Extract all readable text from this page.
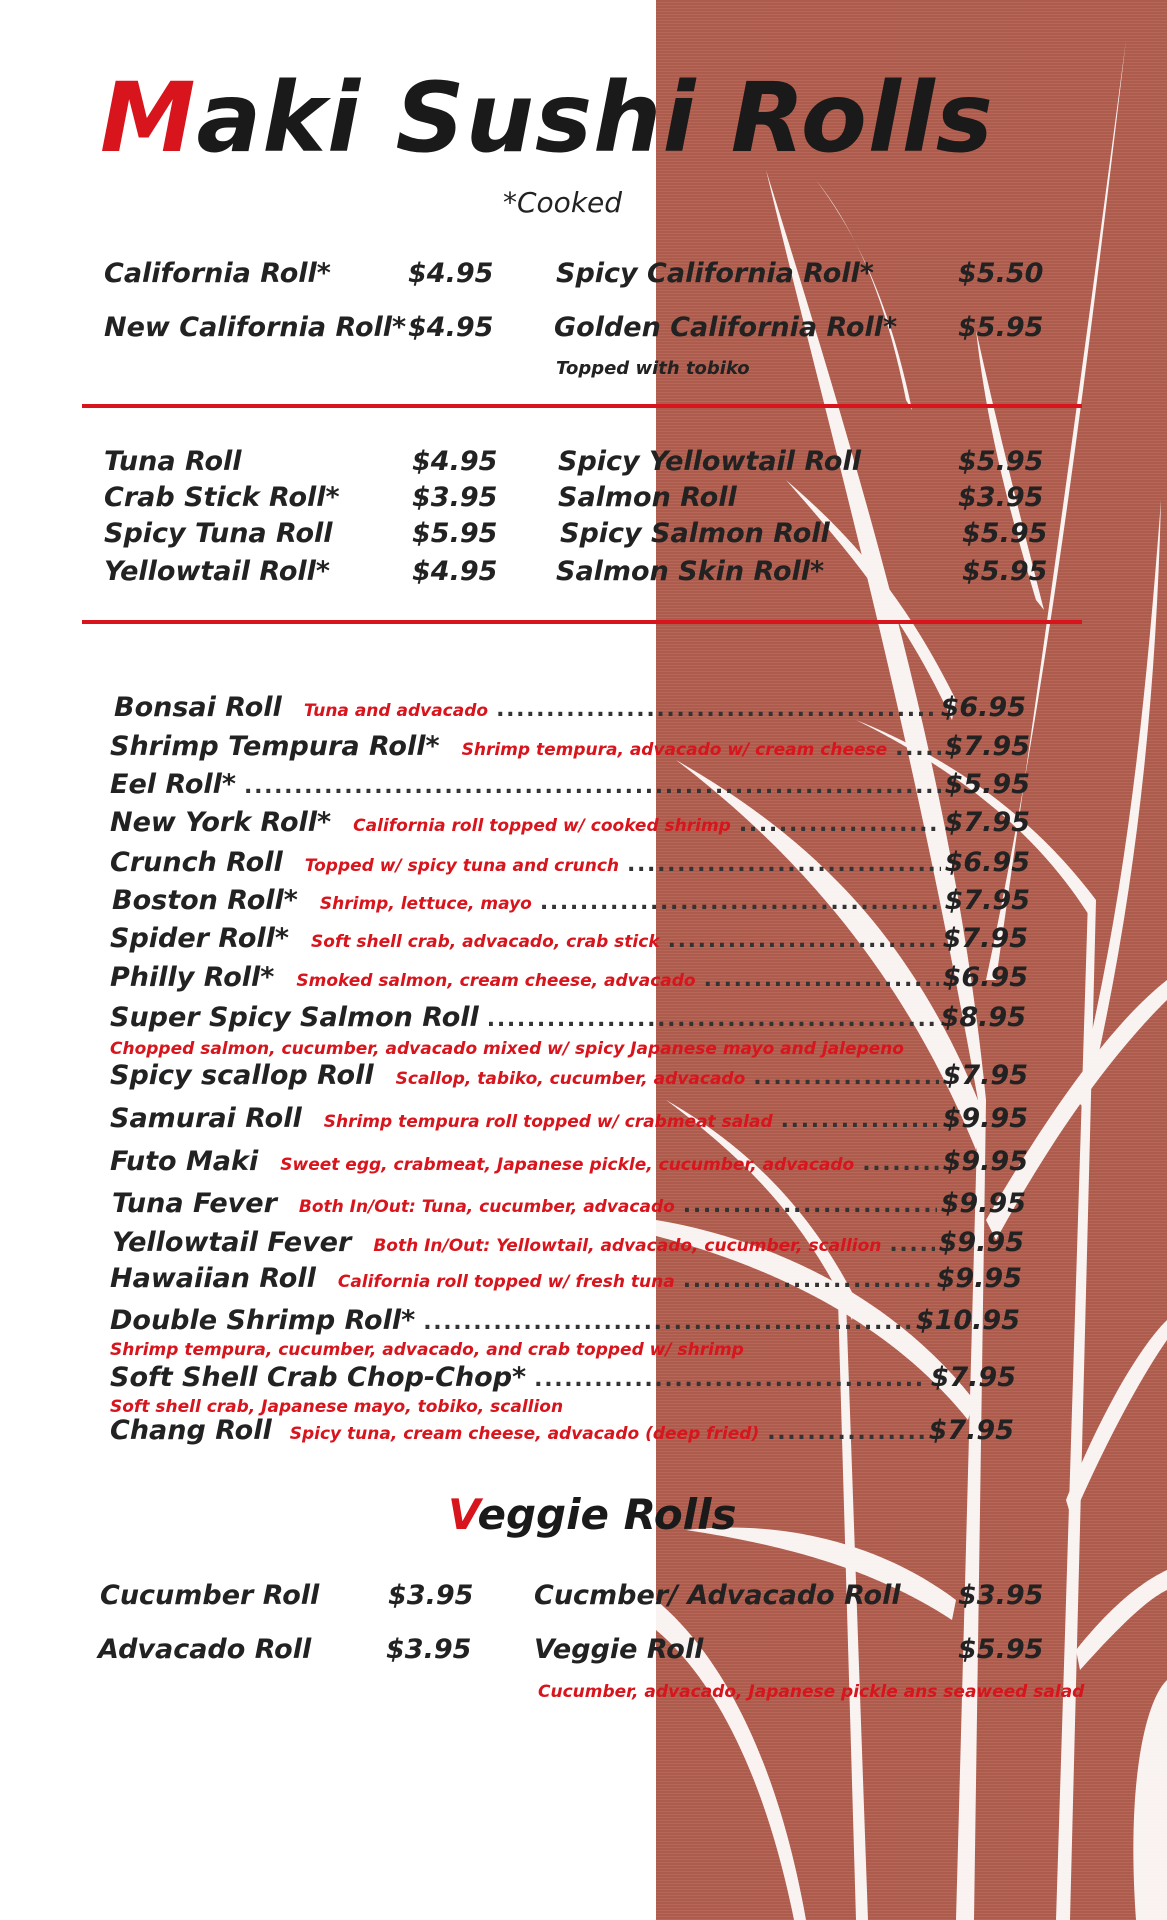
Maki Sushi Rolls
*Cooked
California Roll*	$4.95
New California Roll* $4.95
Spicy California Roll*	$5.50
Golden California Roll* $5.95
Topped with tobiko
Tuna Roll	$4.95
Crab Stick Roll*	$3.95
Spicy Tuna Roll	$5.95
Yellowtail Roll*	$4.95
Spicy Yellowtail Roll	$5.95
Salmon Roll	$3.95
Spicy Salmon Roll	$5.95
Salmon Skin Roll*	$5.95
Bonsai Roll Tuna and advacado . . .	$6.95
Shrimp Tempura Roll* Shrimp tempura, advacado w/ cream cheese . . . $7.95
Eel Roll* . . .	$5.95
New York Roll* California roll topped w/ cooked shrimp . . .	$7.95
Crunch Roll Topped w/ spicy tuna and crunch . . .	$6.95
Boston Roll* Shrimp, lettuce, mayo . . .	$7.95
Spider Roll* Soft shell crab, advacado, crab stick . . .	$7.95
Philly Roll* Smoked salmon, cream cheese, advacado . . .	$6.95
Super Spicy Salmon Roll . . .	$8.95
Chopped salmon, cucumber, advacado mixed w/ spicy Japanese mayo and jalepeno
Spicy scallop Roll Scallop, tabiko, cucumber, advacado . . .	$7.95
Samurai Roll Shrimp tempura roll topped w/ crabmeat salad . . .	$9.95
Futo Maki Sweet egg, crabmeat, Japanese pickle, cucumber, advacado . . .	$9.95
Tuna Fever Both In/Out: Tuna, cucumber, advacado . . .	$9.95
Yellowtail Fever Both In/Out: Yellowtail, advacado, cucumber, scallion . . . $9.95
Hawaiian Roll California roll topped w/ fresh tuna . . .	$9.95
Double Shrimp Roll* . . .	$10.95
Shrimp tempura, cucumber, advacado, and crab topped w/ shrimp
Soft Shell Crab Chop-Chop* . . .	$7.95
Soft shell crab, Japanese mayo, tobiko, scallion
Chang Roll Spicy tuna, cream cheese, advacado (deep fried) . . .	$7.95
Veggie Rolls
Cucumber Roll	$3.95
Advacado Roll	$3.95
Cucmber/ Advacado Roll $3.95
Veggie Roll	$5.95
Cucumber, advacado, Japanese pickle ans seaweed salad
